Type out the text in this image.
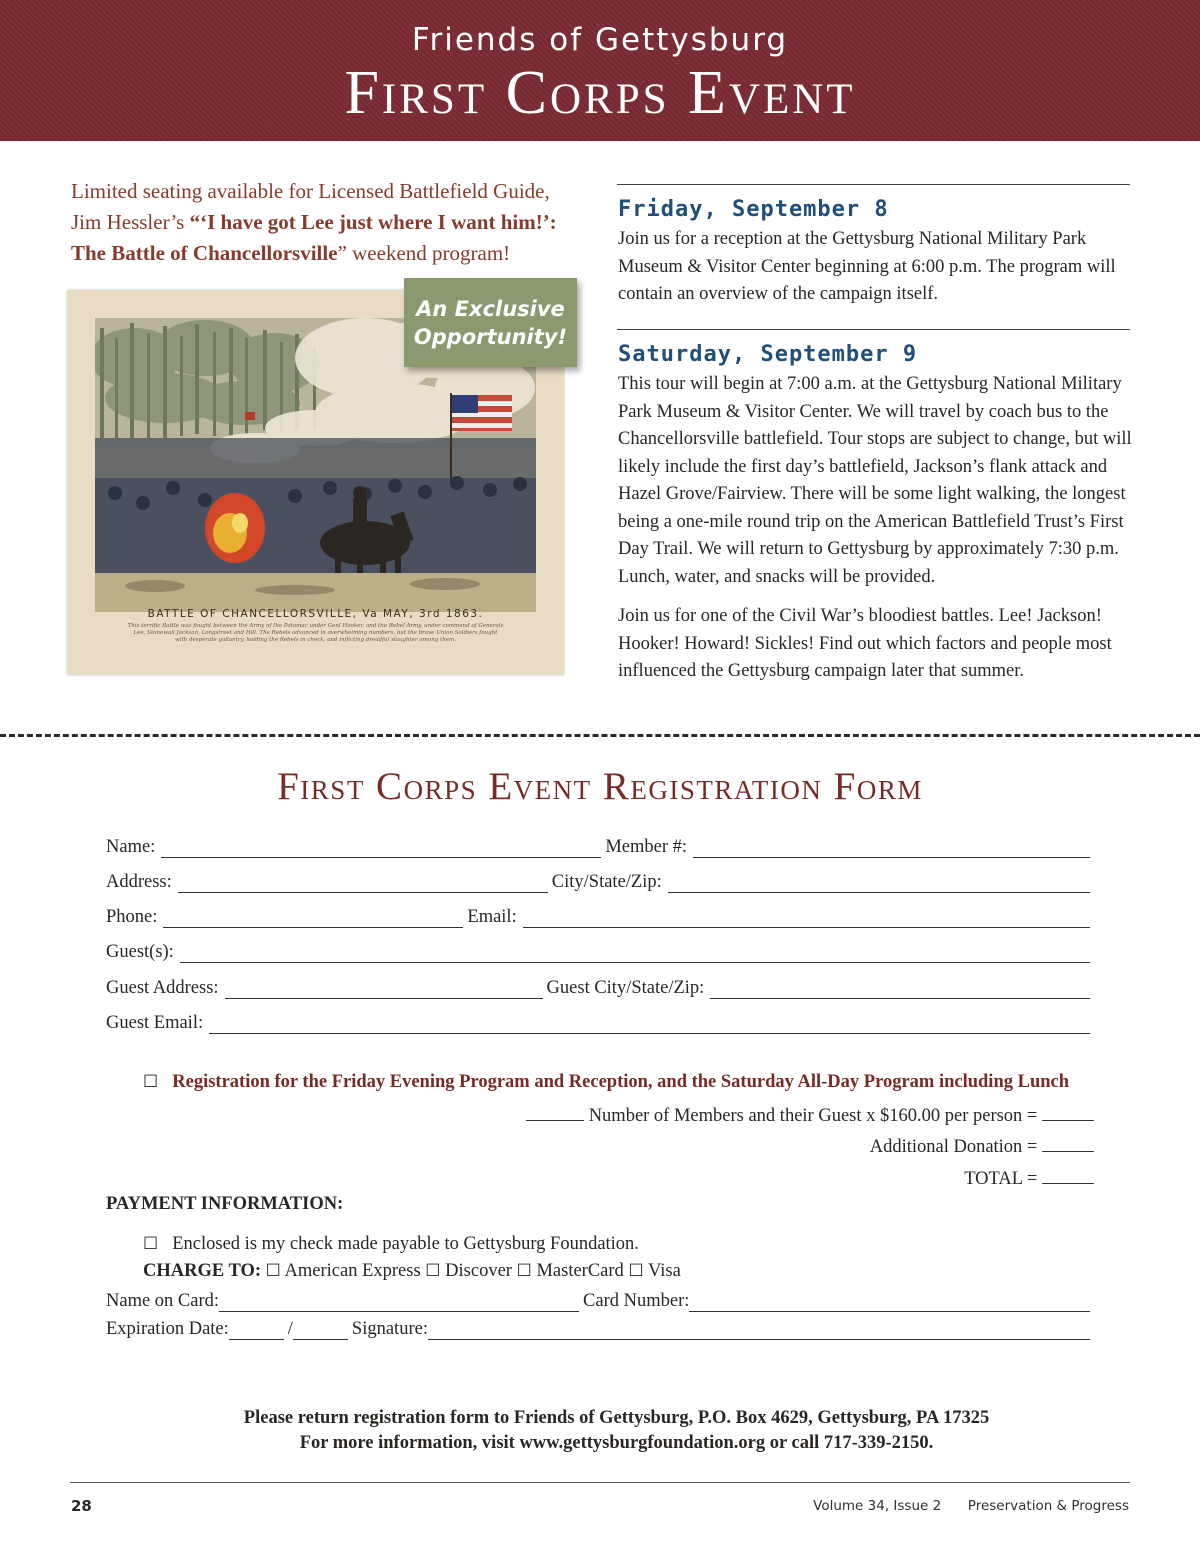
Friends of Gettysburg
First Corps Event
Limited seating available for Licensed Battlefield Guide, Jim Hessler’s “‘I have got Lee just where I want him!’: The Battle of Chancellorsville” weekend program!
BATTLE OF CHANCELLORSVILLE, Va MAY, 3rd 1863.
This terrific Battle was fought between the Army of the Potomac under Genl Hooker, and the Rebel Army, under command of Generals Lee, Stonewall Jackson, Longstreet and Hill. The Rebels advanced in overwhelming numbers, but the brave Union Soldiers fought with desperate gallantry, holding the Rebels in check, and inflicting dreadful slaughter among them.
An Exclusive
Opportunity!
Friday, September 8
Join us for a reception at the Gettysburg National Military Park Museum & Visitor Center beginning at 6:00 p.m. The program will contain an overview of the campaign itself.
Saturday, September 9
This tour will begin at 7:00 a.m. at the Gettysburg National Military Park Museum & Visitor Center. We will travel by coach bus to the Chancellorsville battlefield. Tour stops are subject to change, but will likely include the first day’s battlefield, Jackson’s flank attack and Hazel Grove/Fairview. There will be some light walking, the longest being a one-mile round trip on the American Battlefield Trust’s First Day Trail. We will return to Gettysburg by approximately 7:30 p.m. Lunch, water, and snacks will be provided.
Join us for one of the Civil War’s bloodiest battles. Lee! Jackson! Hooker! Howard! Sickles! Find out which factors and people most influenced the Gettysburg campaign later that summer.
First Corps Event Registration Form
Name:	Member #:
Address:	City/State/Zip:
Phone:	Email:
Guest(s):
Guest Address:	Guest City/State/Zip:
Guest Email:
☐ Registration for the Friday Evening Program and Reception, and the Saturday All-Day Program including Lunch
Number of Members and their Guest x $160.00 per person =
Additional Donation =
TOTAL =
PAYMENT INFORMATION:
☐ Enclosed is my check made payable to Gettysburg Foundation.
CHARGE TO: ☐ American Express ☐ Discover ☐ MasterCard ☐ Visa
Name on Card:	Card Number:
Expiration Date:	/	Signature:
Please return registration form to Friends of Gettysburg, P.O. Box 4629, Gettysburg, PA 17325
For more information, visit www.gettysburgfoundation.org or call 717-339-2150.
28	Volume 34, Issue 2 Preservation & Progress
